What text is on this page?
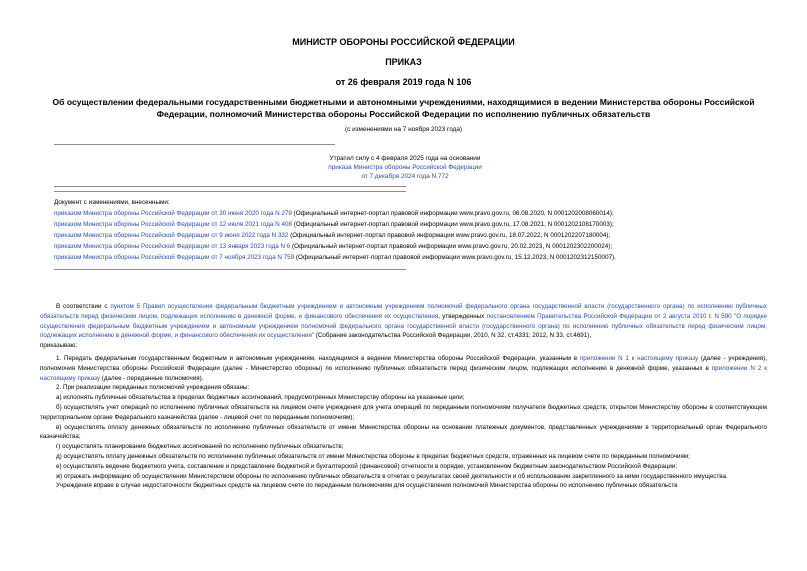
МИНИСТР ОБОРОНЫ РОССИЙСКОЙ ФЕДЕРАЦИИ
ПРИКАЗ
от 26 февраля 2019 года N 106
Об осуществлении федеральными государственными бюджетными и автономными учреждениями, находящимися в ведении Министерства обороны Российской Федерации, полномочий Министерства обороны Российской Федерации по исполнению публичных обязательств
(с изменениями на 7 ноября 2023 года)
Утратил силу с 4 февраля 2025 года на основании
приказа Министра обороны Российской Федерации
от 7 декабря 2024 года N 772
Документ с изменениями, внесенными:
приказом Министра обороны Российской Федерации от 30 июня 2020 года N 279 (Официальный интернет-портал правовой информации www.pravo.gov.ru, 06.08.2020, N 0001202008060014);
приказом Министра обороны Российской Федерации от 12 июля 2021 года N 408 (Официальный интернет-портал правовой информации www.pravo.gov.ru, 17.08.2021, N 0001202108170003);
приказом Министра обороны Российской Федерации от 9 июня 2022 года N 332 (Официальный интернет-портал правовой информации www.pravo.gov.ru, 18.07.2022, N 0001202207180004);
приказом Министра обороны Российской Федерации от 13 января 2023 года N 6 (Официальный интернет-портал правовой информации www.pravo.gov.ru, 20.02.2023, N 0001202302200024);
приказом Министра обороны Российской Федерации от 7 ноября 2023 года N 759 (Официальный интернет-портал правовой информации www.pravo.gov.ru, 15.12.2023, N 0001202312150007).

В соответствии с пунктом 5 Правил осуществления федеральным бюджетным учреждением и автономным учреждением полномочий федерального органа государственной власти (государственного органа) по исполнению публичных обязательств перед физическим лицом, подлежащих исполнению в денежной форме, и финансового обеспечения их осуществления, утвержденных постановлением Правительства Российской Федерации от 2 августа 2010 г. N 590 "О порядке осуществления федеральным бюджетным учреждением и автономным учреждением полномочий федерального органа государственной власти (государственного органа) по исполнению публичных обязательств перед физическим лицом, подлежащих исполнению в денежной форме, и финансового обеспечения их осуществления" (Собрание законодательства Российской Федерации, 2010, N 32, ст.4331; 2012, N 33, ст.4691),

приказываю:

1. Передать федеральным государственным бюджетным и автономным учреждениям, находящимся в ведении Министерства обороны Российской Федерации, указанным в приложении N 1 к настоящему приказу (далее - учреждения), полномочия Министерства обороны Российской Федерации (далее - Министерство обороны) по исполнению публичных обязательств перед физическим лицом, подлежащих исполнению в денежной форме, указанных в приложении N 2 к настоящему приказу (далее - переданные полномочия).

2. При реализации переданных полномочий учреждения обязаны:

а) исполнять публичные обязательства в пределах бюджетных ассигнований, предусмотренных Министерству обороны на указанные цели;

б) осуществлять учет операций по исполнению публичных обязательств на лицевом счете учреждения для учета операций по переданным полномочиям получателя бюджетных средств, открытом Министерству обороны в соответствующем территориальном органе Федерального казначейства (далее - лицевой счет по переданным полномочиям);

в) осуществлять оплату денежных обязательств по исполнению публичных обязательств от имени Министерства обороны на основании платежных документов, представленных учреждениями в территориальный орган Федерального казначейства;

г) осуществлять планирование бюджетных ассигнований по исполнению публичных обязательств;

д) осуществлять оплату денежных обязательств по исполнению публичных обязательств от имени Министерства обороны в пределах бюджетных средств, отраженных на лицевом счете по переданным полномочиям;

е) осуществлять ведение бюджетного учета, составление и представление бюджетной и бухгалтерской (финансовой) отчетности в порядке, установленном бюджетным законодательством Российской Федерации;

ж) отражать информацию об осуществлении Министерством обороны по исполнению публичных обязательств в отчетах о результатах своей деятельности и об использовании закрепленного за ними государственного имущества.

Учреждения вправе в случае недостаточности бюджетных средств на лицевом счете по переданным полномочиям для осуществления полномочий Министерства обороны по исполнению публичных обязательств
